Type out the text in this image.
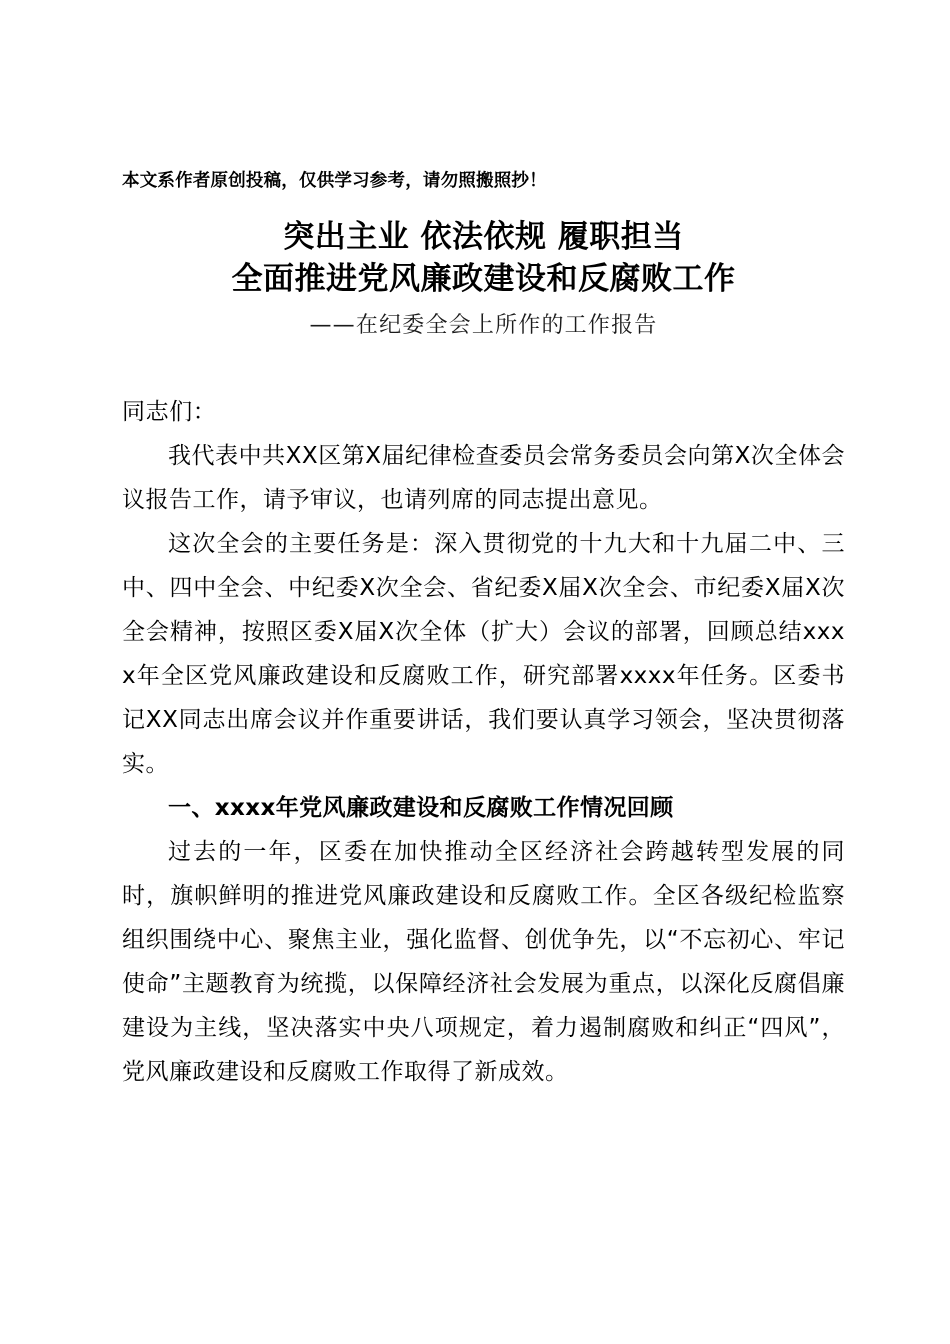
本文系作者原创投稿，仅供学习参考，请勿照搬照抄！
突出主业 依法依规 履职担当
全面推进党风廉政建设和反腐败工作
——在纪委全会上所作的工作报告
同志们：

我代表中共XX区第X届纪律检查委员会常务委员会向第X次全体会议报告工作，请予审议，也请列席的同志提出意见。

这次全会的主要任务是：深入贯彻党的十九大和十九届二中、三中、四中全会、中纪委X次全会、省纪委X届X次全会、市纪委X届X次全会精神，按照区委X届X次全体（扩大）会议的部署，回顾总结xxxx年全区党风廉政建设和反腐败工作，研究部署xxxx年任务。区委书记XX同志出席会议并作重要讲话，我们要认真学习领会，坚决贯彻落实。

一、xxxx年党风廉政建设和反腐败工作情况回顾

过去的一年，区委在加快推动全区经济社会跨越转型发展的同时，旗帜鲜明的推进党风廉政建设和反腐败工作。全区各级纪检监察组织围绕中心、聚焦主业，强化监督、创优争先，以“不忘初心、牢记使命”主题教育为统揽，以保障经济社会发展为重点，以深化反腐倡廉建设为主线，坚决落实中央八项规定，着力遏制腐败和纠正“四风”，党风廉政建设和反腐败工作取得了新成效。
